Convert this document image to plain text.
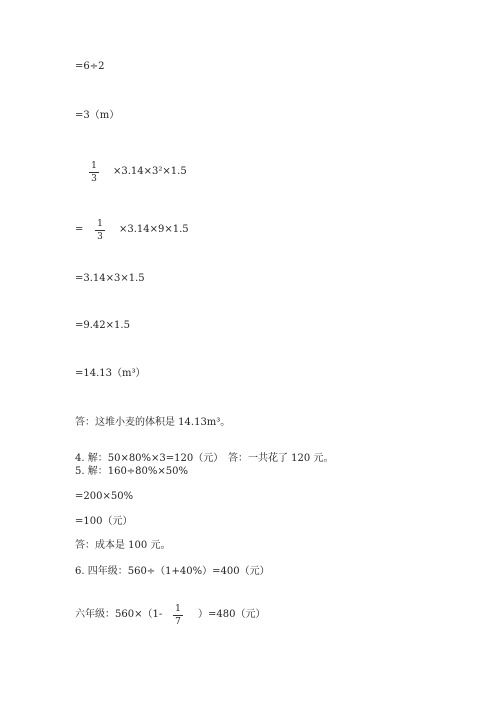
=6÷2
=3（m）
1
3
×3.14×3²×1.5
= 1
3
×3.14×9×1.5
=3.14×3×1.5
=9.42×1.5
=14.13（m³）
答：这堆小麦的体积是 14.13m³。
4. 解：50×80%×3=120（元） 答：一共花了 120 元。
5. 解：160÷80%×50%
=200×50%
=100（元）
答：成本是 100 元。
6. 四年级：560÷（1+40%）=400（元）
六年级：560×（1- 1
7
）=480（元）
